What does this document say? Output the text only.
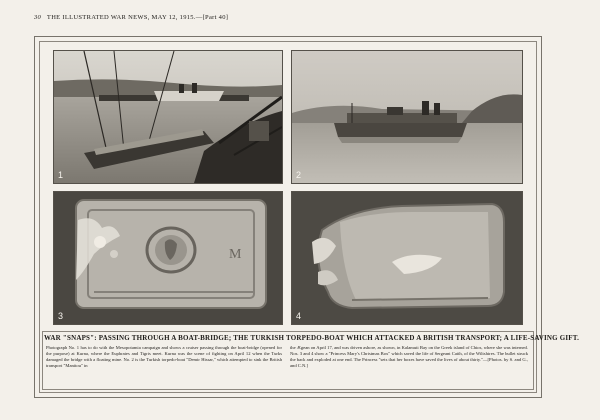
30 THE ILLUSTRATED WAR NEWS, MAY 12, 1915.—[Part 40]
1	2
M
3	4
WAR "SNAPS": PASSING THROUGH A BOAT-BRIDGE; THE TURKISH TORPEDO-BOAT WHICH ATTACKED A BRITISH TRANSPORT; A LIFE-SAVING GIFT.
Photograph No. 1 has to do with the Mesopotamia campaign and shows a cruiser passing through the boat-bridge (opened for the purpose) at Kurna, where the Euphrates and Tigris meet. Kurna was the scene of fighting on April 12 when the Turks damaged the bridge with a floating mine. No. 2 is the Turkish torpedo-boat "Demir Hissar," which attempted to sink the British transport "Manitou" in
the Ægean on April 17, and was driven ashore, as shown, in Kalamuti Bay on the Greek island of Chios, where she was interned. Nos. 3 and 4 show a "Princess Mary's Christmas Box" which saved the life of Sergeant Caith, of the Wiltshires. The bullet struck the back and exploded at one end. The Princess "sets that her boxes have saved the lives of about thirty."—[Photos. by S. and G., and C.N.]
